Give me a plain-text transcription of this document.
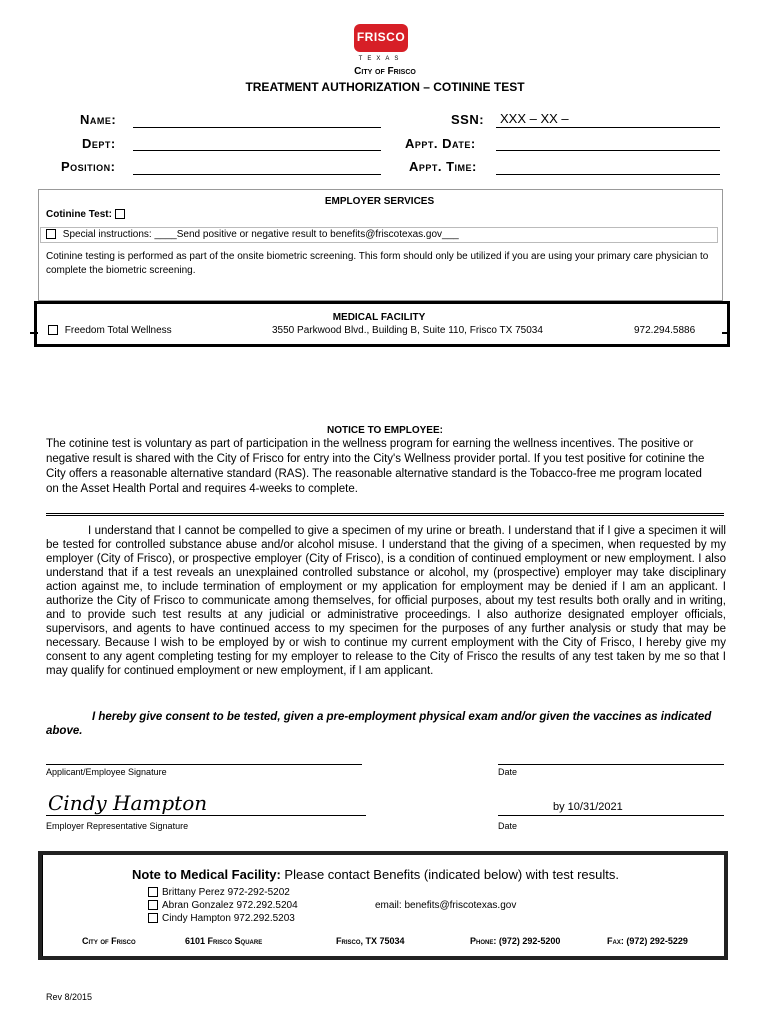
FRISCO
TEXAS
City of Frisco
TREATMENT AUTHORIZATION – COTININE TEST
Name:
Dept:
Position:
SSN: XXX – XX –
Appt. Date:
Appt. Time:
EMPLOYER SERVICES
Cotinine Test:
Special instructions: ____Send positive or negative result to benefits@friscotexas.gov___
Cotinine testing is performed as part of the onsite biometric screening. This form should only be utilized if you are using your primary care physician to complete the biometric screening.
MEDICAL FACILITY
Freedom Total Wellness	3550 Parkwood Blvd., Building B, Suite 110, Frisco TX 75034	972.294.5886
NOTICE TO EMPLOYEE:
The cotinine test is voluntary as part of participation in the wellness program for earning the wellness incentives. The positive or negative result is shared with the City of Frisco for entry into the City's Wellness provider portal. If you test positive for cotinine the City offers a reasonable alternative standard (RAS). The reasonable alternative standard is the Tobacco-free me program located on the Asset Health Portal and requires 4-weeks to complete.
I understand that I cannot be compelled to give a specimen of my urine or breath. I understand that if I give a specimen it will be tested for controlled substance abuse and/or alcohol misuse. I understand that the giving of a specimen, when requested by my employer (City of Frisco), or prospective employer (City of Frisco), is a condition of continued employment or new employment. I also understand that if a test reveals an unexplained controlled substance or alcohol, my (prospective) employer may take disciplinary action against me, to include termination of employment or my application for employment may be denied if I am an applicant. I authorize the City of Frisco to communicate among themselves, for official purposes, about my test results both orally and in writing, and to provide such test results at any judicial or administrative proceedings. I also authorize designated employer officials, supervisors, and agents to have continued access to my specimen for the purposes of any further analysis or study that may be necessary. Because I wish to be employed by or wish to continue my current employment with the City of Frisco, I hereby give my consent to any agent completing testing for my employer to release to the City of Frisco the results of any test taken by me so that I may qualify for continued employment or new employment, if I am applicant.
I hereby give consent to be tested, given a pre-employment physical exam and/or given the vaccines as indicated above.
Applicant/Employee Signature	Date
Cindy Hampton
Employer Representative Signature
by 10/31/2021
Date
Note to Medical Facility: Please contact Benefits (indicated below) with test results.
Brittany Perez 972-292-5202
Abran Gonzalez 972.292.5204
Cindy Hampton 972.292.5203
email: benefits@friscotexas.gov
City of Frisco	6101 Frisco Square	Frisco, TX 75034	Phone: (972) 292-5200	Fax: (972) 292-5229
Rev 8/2015
